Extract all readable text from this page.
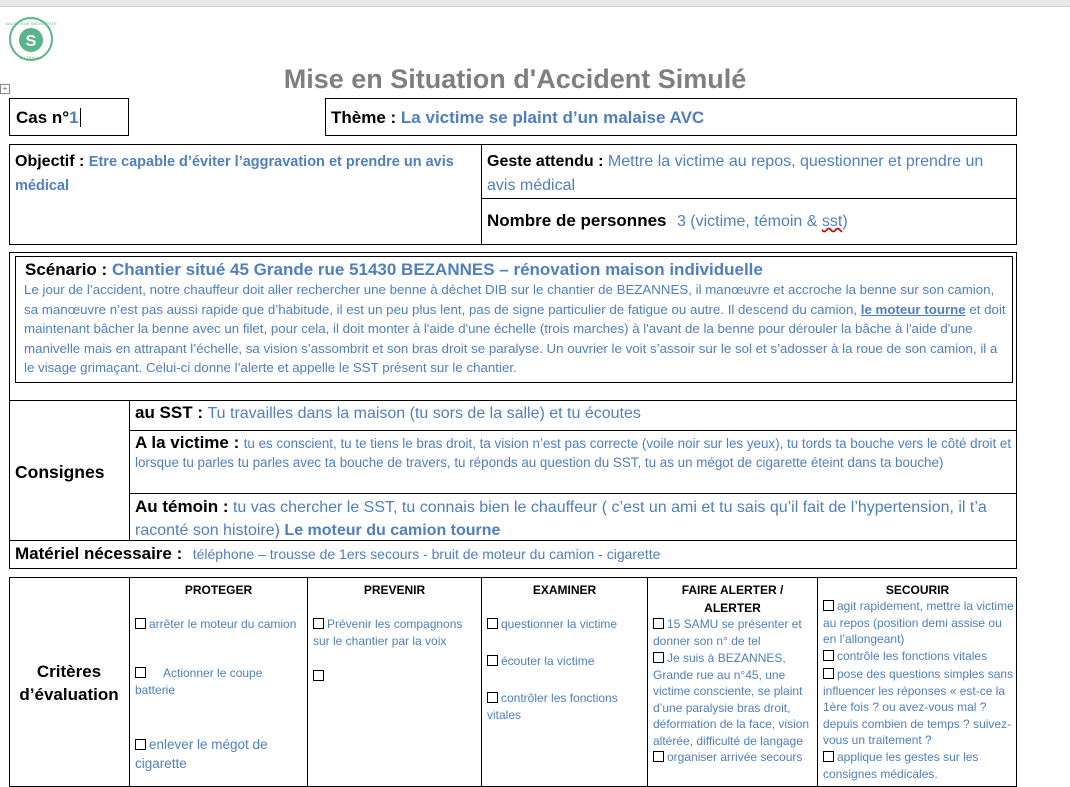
S
SAUVETEUR SECOURISTE
DU TRAVAIL
Mise en Situation d'Accident Simulé
+
Cas n°1	Thème : La victime se plaint d’un malaise AVC
Objectif : Etre capable d’éviter l’aggravation et prendre un avis médical
Geste attendu : Mettre la victime au repos, questionner et prendre un avis médical
Nombre de personnes 3 (victime, témoin & sst)
Scénario : Chantier situé 45 Grande rue 51430 BEZANNES – rénovation maison individuelle
Le jour de l’accident, notre chauffeur doit aller rechercher une benne à déchet DIB sur le chantier de BEZANNES, il manœuvre et accroche la benne sur son camion, sa manœuvre n’est pas aussi rapide que d’habitude, il est un peu plus lent, pas de signe particulier de fatigue ou autre. Il descend du camion, le moteur tourne et doit maintenant bâcher la benne avec un filet, pour cela, il doit monter à l'aide d'une échelle (trois marches) à l'avant de la benne pour dérouler la bâche à l'aide d'une manivelle mais en attrapant l’échelle, sa vision s’assombrit et son bras droit se paralyse. Un ouvrier le voit s’assoir sur le sol et s’adosser à la roue de son camion, il a le visage grimaçant. Celui-ci donne l’alerte et appelle le SST présent sur le chantier.
Consignes
au SST : Tu travailles dans la maison (tu sors de la salle) et tu écoutes
A la victime : tu es conscient, tu te tiens le bras droit, ta vision n’est pas correcte (voile noir sur les yeux), tu tords ta bouche vers le côté droit et lorsque tu parles tu parles avec ta bouche de travers, tu réponds au question du SST, tu as un mégot de cigarette éteint dans ta bouche)
Au témoin : tu vas chercher le SST, tu connais bien le chauffeur ( c’est un ami et tu sais qu’il fait de l’hypertension, il t’a raconté son histoire) Le moteur du camion tourne
Matériel nécessaire : téléphone – trousse de 1ers secours - bruit de moteur du camion - cigarette
Critères
d’évaluation
PROTEGER
arrêter le moteur du camion
Actionner le coupe batterie
enlever le mégot de cigarette
PREVENIR
Prévenir les compagnons sur le chantier par la voix
EXAMINER
questionner la victime
écouter la victime
contrôler les fonctions vitales
FAIRE ALERTER / ALERTER
15 SAMU se présenter et donner son n° de tel
Je suis à BEZANNES, Grande rue au n°45, une victime consciente, se plaint d’une paralysie bras droit, déformation de la face, vision altérée, difficulté de langage
organiser arrivée secours
SECOURIR
agit rapidement, mettre la victime au repos (position demi assise ou en l’allongeant)
contrôle les fonctions vitales
pose des questions simples sans influencer les réponses « est-ce la 1ère fois ? ou avez-vous mal ? depuis combien de temps ? suivez-vous un traitement ?
applique les gestes sur les consignes médicales.
